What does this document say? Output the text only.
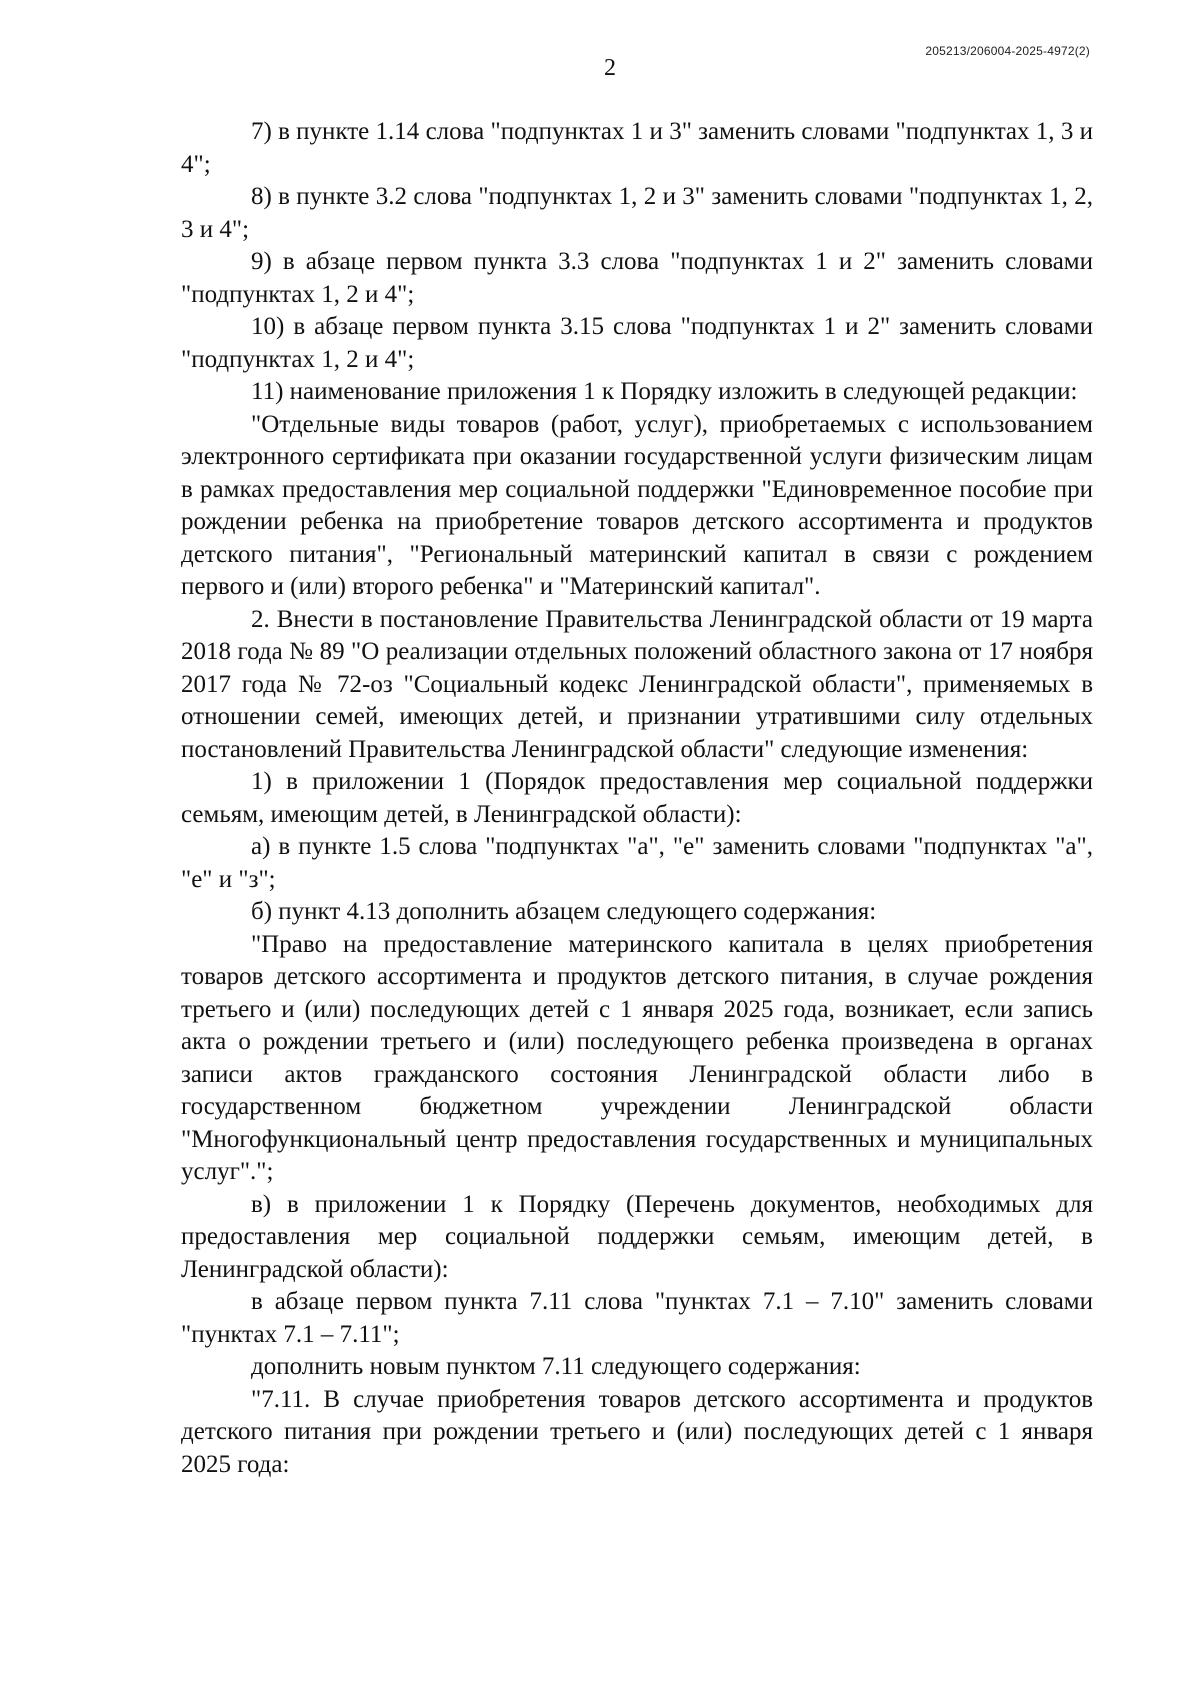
205213/206004-2025-4972(2)
2

7) в пункте 1.14 слова "подпунктах 1 и 3" заменить словами "подпунктах 1, 3 и 4";

8) в пункте 3.2 слова "подпунктах 1, 2 и 3" заменить словами "подпунктах 1, 2, 3 и 4";

9) в абзаце первом пункта 3.3 слова "подпунктах 1 и 2" заменить словами "подпунктах 1, 2 и 4";

10) в абзаце первом пункта 3.15 слова "подпунктах 1 и 2" заменить словами "подпунктах 1, 2 и 4";

11) наименование приложения 1 к Порядку изложить в следующей редакции:

"Отдельные виды товаров (работ, услуг), приобретаемых с использованием электронного сертификата при оказании государственной услуги физическим лицам в рамках предоставления мер социальной поддержки "Единовременное пособие при рождении ребенка на приобретение товаров детского ассортимента и продуктов детского питания", "Региональный материнский капитал в связи с рождением первого и (или) второго ребенка" и "Материнский капитал".

2. Внести в постановление Правительства Ленинградской области от 19 марта 2018 года № 89 "О реализации отдельных положений областного закона от 17 ноября 2017 года № 72-оз "Социальный кодекс Ленинградской области", применяемых в отношении семей, имеющих детей, и признании утратившими силу отдельных постановлений Правительства Ленинградской области" следующие изменения:

1) в приложении 1 (Порядок предоставления мер социальной поддержки семьям, имеющим детей, в Ленинградской области):

а) в пункте 1.5 слова "подпунктах "а", "е" заменить словами "подпунктах "а", "е" и "з";

б) пункт 4.13 дополнить абзацем следующего содержания:

"Право на предоставление материнского капитала в целях приобретения товаров детского ассортимента и продуктов детского питания, в случае рождения третьего и (или) последующих детей с 1 января 2025 года, возникает, если запись акта о рождении третьего и (или) последующего ребенка произведена в органах записи актов гражданского состояния Ленинградской области либо в государственном бюджетном учреждении Ленинградской области "Многофункциональный центр предоставления государственных и муниципальных услуг".";

в) в приложении 1 к Порядку (Перечень документов, необходимых для предоставления мер социальной поддержки семьям, имеющим детей, в Ленинградской области):

в абзаце первом пункта 7.11 слова "пунктах 7.1 – 7.10" заменить словами "пунктах 7.1 – 7.11";

дополнить новым пунктом 7.11 следующего содержания:

"7.11. В случае приобретения товаров детского ассортимента и продуктов детского питания при рождении третьего и (или) последующих детей с 1 января 2025 года:
